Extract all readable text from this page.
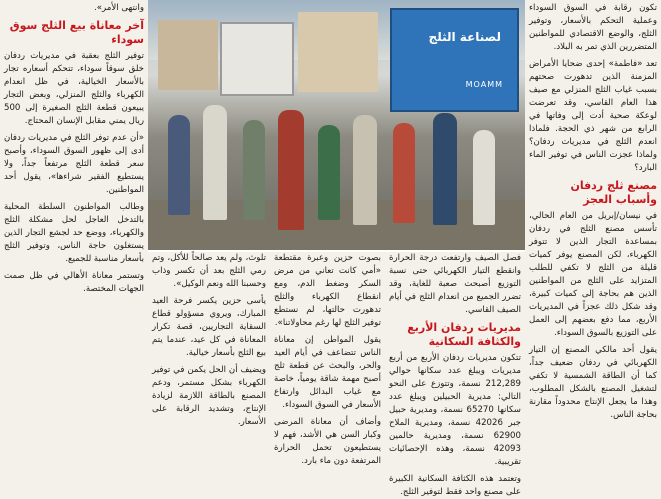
تكون رقابة في السوق السوداء وعملية التحكم بالأسعار، وتوفير الثلج، والوضع الاقتصادي للمواطنين المتضررين الذي تمر به البلاد.

تعد «فاطمة» إحدى ضحايا الأمراض المزمنة الذين تدهورت صحتهم بسبب غياب الثلج المنزلي مع صيف هذا العام القاسي، وقد تعرضت لوعكة صحية أدت إلى وفاتها في الرابع من شهر ذي الحجة. فلماذا انعدم الثلج في مديريات ردفان؟ ولماذا عجزت الناس في توفير الماء البارد؟

مصنع ثلج ردفان وأسباب العجز

في نيسان/إبريل من العام الحالي، تأسس مصنع الثلج في ردفان بمساعدة التجار الذين لا تتوفر الكهرباء، لكن المصنع يوفر كميات قليلة من الثلج لا تكفي للطلب المتزايد على الثلج من المواطنين الذين هم بحاجة إلى كميات كبيرة، وقد شكل ذلك عجزاً في المديريات الأربع، مما دفع بعضهم إلى العمل على التوزيع بالسوق السوداء.

يقول أحد مالكي المصنع إن التيار الكهربائي في ردفان ضعيف جداً، كما أن الطاقة الشمسية لا تكفي لتشغيل المصنع بالشكل المطلوب، وهذا ما يجعل الإنتاج محدوداً مقارنة بحاجة الناس.

لصناعة الثلج
MOAMM

فصل الصيف وارتفعت درجة الحرارة وانقطع التيار الكهربائي حتى نسبة التوزيع أصبحت صعبة للغاية، وقد تضرر الجميع من انعدام الثلج في أيام الصيف القاسي.

مديريات ردفان الأربع والكثافة السكانية

تتكون مديريات ردفان الأربع من أربع مديريات ويبلغ عدد سكانها حوالي 212,289 نسمة، وتتوزع على النحو التالي: مديرية الحبيلين ويبلغ عدد سكانها 65270 نسمة، ومديرية حبيل جبر 42026 نسمة، ومديرية الملاح 62900 نسمة، ومديرية حالمين 42093 نسمة، وهذه الإحصائيات تقريبية.

وتعتمد هذه الكثافة السكانية الكبيرة على مصنع واحد فقط لتوفير الثلج.

بصوت حزين وعبرة مقتطعة «أمي كانت تعاني من مرض السكر وضغط الدم، ومع انقطاع الكهرباء والثلج تدهورت حالتها، لم نستطع توفير الثلج لها رغم محاولاتنا».

يقول المواطن إن معاناة الناس تتضاعف في أيام العيد والحر، والبحث عن قطعة ثلج أصبح مهمة شاقة يومياً، خاصة مع غياب البدائل وارتفاع الأسعار في السوق السوداء.

وأضاف أن معاناة المرضى وكبار السن هي الأشد، فهم لا يستطيعون تحمل الحرارة المرتفعة دون ماء بارد.

تلوث، ولم يعد صالحاً للأكل، وتم رمي الثلج بعد أن تكسر وذاب وحسبنا الله ونعم الوكيل».

يأسى حزين يكسر فرحة العيد المبارك، ويروي مسؤولو قطاع السقاية التجاريين، قصة تكرار المعاناة في كل عيد، عندما يتم بيع الثلج بأسعار خيالية.

ويضيف أن الحل يكمن في توفير الكهرباء بشكل مستمر، ودعم المصنع بالطاقة اللازمة لزيادة الإنتاج، وتشديد الرقابة على الأسعار.

وانتهى الأمر».

آخر معاناة بيع الثلج سوق سوداء

توفير الثلج بعقبة في مديريات ردفان خلق سوقاً سوداء، تتحكم أسعاره تجار بالأسعار الخيالية، في ظل انعدام الكهرباء والثلج المنزلي، وبعض التجار يبيعون قطعة الثلج الصغيرة إلى 500 ريال يمني مقابل الإنسان المحتاج.

«أن عدم توفر الثلج في مديريات ردفان أدى إلى ظهور السوق السوداء، وأصبح سعر قطعة الثلج مرتفعاً جداً، ولا يستطيع الفقير شراءها»، يقول أحد المواطنين.

وطالب المواطنون السلطة المحلية بالتدخل العاجل لحل مشكلة الثلج والكهرباء، ووضع حد لجشع التجار الذين يستغلون حاجة الناس، وتوفير الثلج بأسعار مناسبة للجميع.

وتستمر معاناة الأهالي في ظل صمت الجهات المختصة.
